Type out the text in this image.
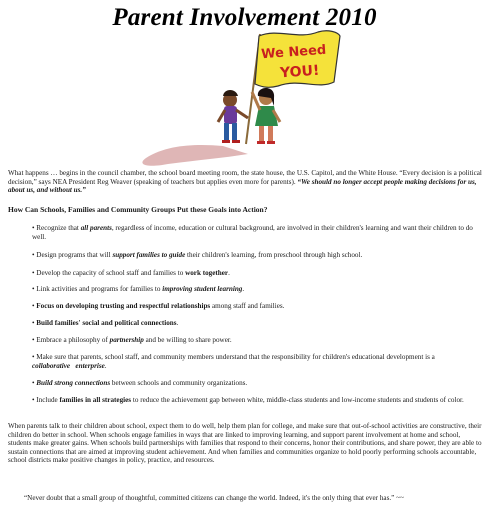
Parent Involvement 2010
We Need
YOU!
What happens … begins in the council chamber, the school board meeting room, the state house, the U.S. Capitol, and the White House. “Every decision is a political decision,” says NEA President Reg Weaver (speaking of teachers but applies even more for parents). “We should no longer accept people making decisions for us, about us, and without us.”
How Can Schools, Families and Community Groups Put these Goals into Action?
• Recognize that all parents, regardless of income, education or cultural background, are involved in their children's learning and want their children to do well.
• Design programs that will support families to guide their children's learning, from preschool through high school.
• Develop the capacity of school staff and families to work together.
• Link activities and programs for families to improving student learning.
• Focus on developing trusting and respectful relationships among staff and families.
• Build families' social and political connections.
• Embrace a philosophy of partnership and be willing to share power.
• Make sure that parents, school staff, and community members understand that the responsibility for children's educational development is a collaborative   enterprise.
• Build strong connections between schools and community organizations.
• Include families in all strategies to reduce the achievement gap between white, middle-class students and low-income students and students of color.
When parents talk to their children about school, expect them to do well, help them plan for college, and make sure that out-of-school activities are constructive, their children do better in school. When schools engage families in ways that are linked to improving learning, and support parent involvement at home and school, students make greater gains. When schools build partnerships with families that respond to their concerns, honor their contributions, and share power, they are able to sustain connections that are aimed at improving student achievement. And when families and communities organize to hold poorly performing schools accountable, school districts make positive changes in policy, practice, and resources.
“Never doubt that a small group of thoughtful, committed citizens can change the world. Indeed, it's the only thing that ever has.” ~~
